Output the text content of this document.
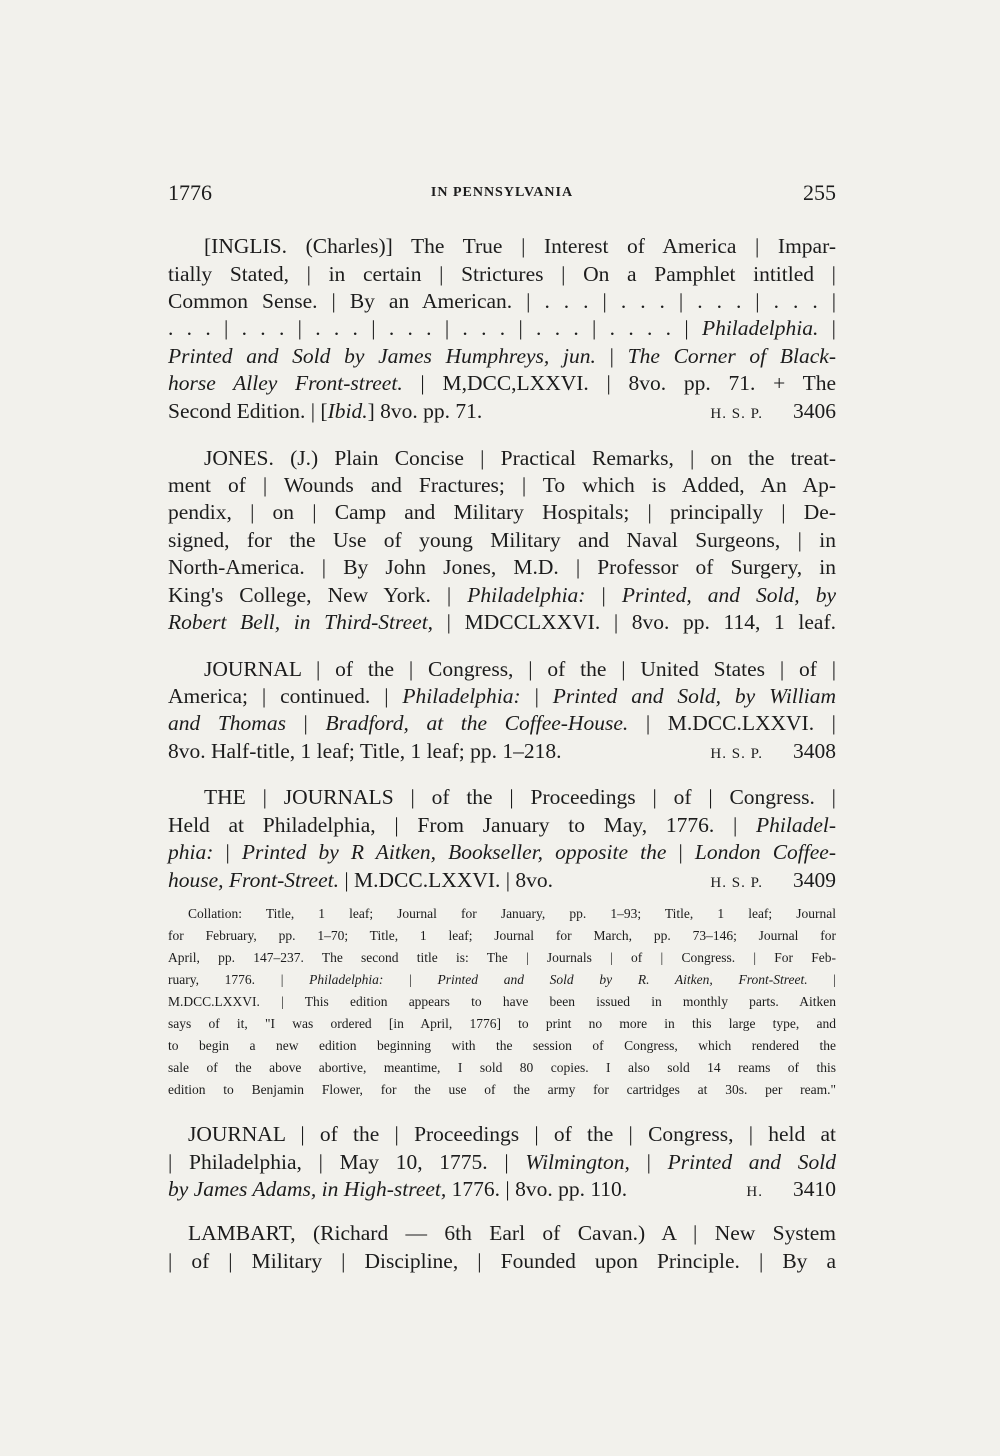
1776	IN PENNSYLVANIA	255
[INGLIS. (Charles)] The True | Interest of America | Impar-
tially Stated, | in certain | Strictures | On a Pamphlet intitled |
Common Sense. | By an American. | . . . | . . . | . . . | . . . |
. . . | . . . | . . . | . . . | . . . | . . . | . . . . | Philadelphia. |
Printed and Sold by James Humphreys, jun. | The Corner of Black-
horse Alley Front-street. | M,DCC,LXXVI. | 8vo. pp. 71. + The
Second Edition. | [Ibid.] 8vo. pp. 71.	H. S. P. 3406
JONES. (J.) Plain Concise | Practical Remarks, | on the treat-
ment of | Wounds and Fractures; | To which is Added, An Ap-
pendix, | on | Camp and Military Hospitals; | principally | De-
signed, for the Use of young Military and Naval Surgeons, | in
North-America. | By John Jones, M.D. | Professor of Surgery, in
King's College, New York. | Philadelphia: | Printed, and Sold, by
Robert Bell, in Third-Street, | MDCCLXXVI. | 8vo. pp. 114, 1 leaf.
JOURNAL | of the | Congress, | of the | United States | of |
America; | continued. | Philadelphia: | Printed and Sold, by William
and Thomas | Bradford, at the Coffee-House. | M.DCC.LXXVI. |
8vo. Half-title, 1 leaf; Title, 1 leaf; pp. 1–218.	H. S. P. 3408
THE | JOURNALS | of the | Proceedings | of | Congress. |
Held at Philadelphia, | From January to May, 1776. | Philadel-
phia: | Printed by R Aitken, Bookseller, opposite the | London Coffee-
house, Front-Street. | M.DCC.LXXVI. | 8vo.	H. S. P. 3409
Collation: Title, 1 leaf; Journal for January, pp. 1–93; Title, 1 leaf; Journal
for February, pp. 1–70; Title, 1 leaf; Journal for March, pp. 73–146; Journal for
April, pp. 147–237. The second title is: The | Journals | of | Congress. | For Feb-
ruary, 1776. | Philadelphia: | Printed and Sold by R. Aitken, Front-Street. |
M.DCC.LXXVI. | This edition appears to have been issued in monthly parts. Aitken
says of it, "I was ordered [in April, 1776] to print no more in this large type, and
to begin a new edition beginning with the session of Congress, which rendered the
sale of the above abortive, meantime, I sold 80 copies. I also sold 14 reams of this
edition to Benjamin Flower, for the use of the army for cartridges at 30s. per ream."
JOURNAL | of the | Proceedings | of the | Congress, | held at
| Philadelphia, | May 10, 1775. | Wilmington, | Printed and Sold
by James Adams, in High-street, 1776. | 8vo. pp. 110.	H. 3410
LAMBART, (Richard — 6th Earl of Cavan.) A | New System
| of | Military | Discipline, | Founded upon Principle. | By a
